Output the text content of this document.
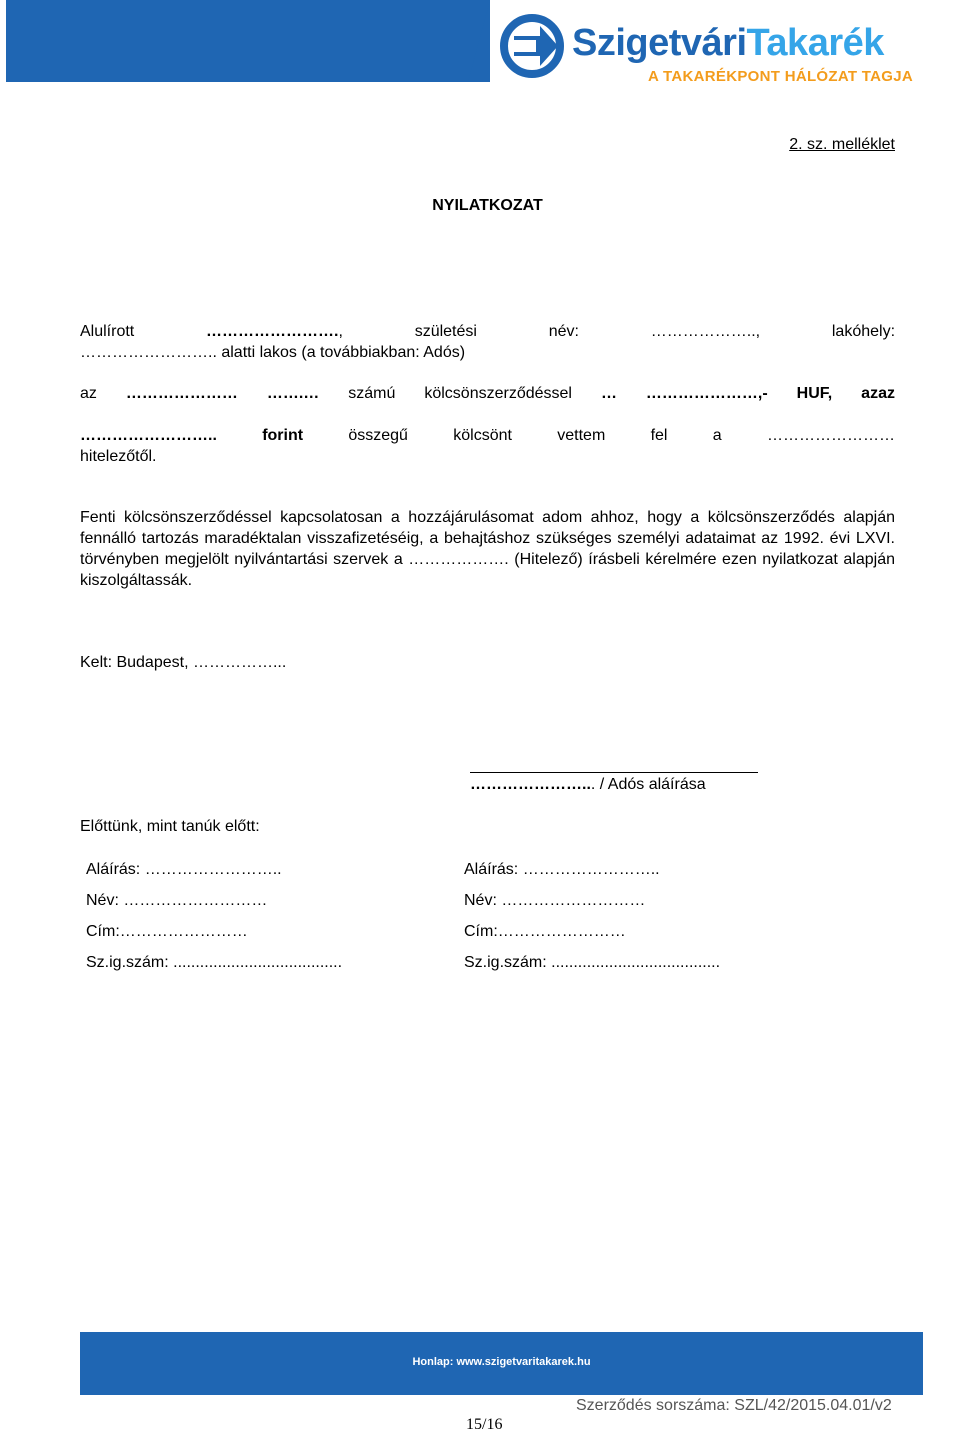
SzigetváriTakarék
A TAKARÉKPONT HÁLÓZAT TAGJA
2. sz. melléklet
NYILATKOZAT
Alulírott	……………………., születési név:	………………..,	lakóhely:
…………………….. alatti lakos (a továbbiakban: Adós)
az ………………… …….… számú kölcsönszerződéssel … …………………,- HUF, azaz
……………………..	forint	összegű	kölcsönt	vettem	fel	a	……………………
hitelezőtől.
Fenti kölcsönszerződéssel kapcsolatosan a hozzájárulásomat adom ahhoz, hogy a kölcsönszerződés alapján fennálló tartozás maradéktalan visszafizetéséig, a behajtáshoz szükséges személyi adataimat az 1992. évi LXVI. törvényben megjelölt nyilvántartási szervek a ………………. (Hitelező) írásbeli kérelmére ezen nyilatkozat alapján kiszolgáltassák.
Kelt: Budapest, ……………...
…………………... / Adós aláírása
Előttünk, mint tanúk előtt:
Aláírás: ……………………..
Név: ………………………
Cím:……………………
Sz.ig.szám: ......................................
Aláírás: ……………………..
Név: ………………………
Cím:……………………
Sz.ig.szám: ......................................
Honlap: www.szigetvaritakarek.hu
15/16
Szerződés sorszáma: SZL/42/2015.04.01/v2
